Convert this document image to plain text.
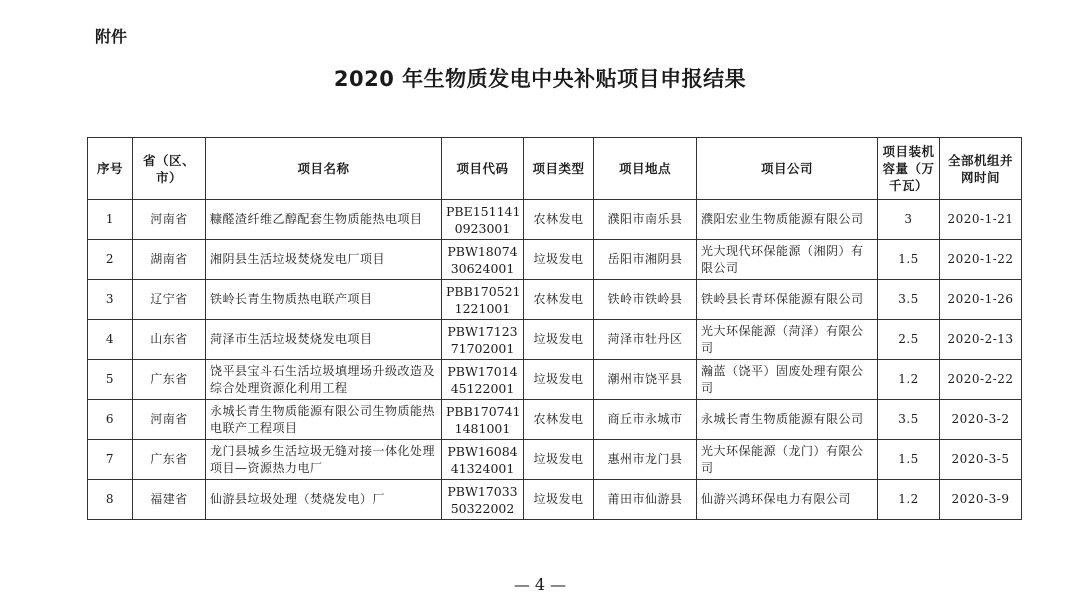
附件
2020 年生物质发电中央补贴项目申报结果
序号	省（区、市）	项目名称	项目代码	项目类型	项目地点	项目公司	项目装机容量（万千瓦）	全部机组并网时间
1	河南省	糠醛渣纤维乙醇配套生物质能热电项目	PBE151141 0923001	农林发电	濮阳市南乐县	濮阳宏业生物质能源有限公司	3	2020-1-21
2	湖南省	湘阴县生活垃圾焚烧发电厂项目	PBW18074 30624001	垃圾发电	岳阳市湘阴县	光大现代环保能源（湘阴）有限公司	1.5	2020-1-22
3	辽宁省	铁岭长青生物质热电联产项目	PBB170521 1221001	农林发电	铁岭市铁岭县	铁岭县长青环保能源有限公司	3.5	2020-1-26
4	山东省	菏泽市生活垃圾焚烧发电项目	PBW17123 71702001	垃圾发电	菏泽市牡丹区	光大环保能源（菏泽）有限公司	2.5	2020-2-13
5	广东省	饶平县宝斗石生活垃圾填埋场升级改造及综合处理资源化利用工程	PBW17014 45122001	垃圾发电	潮州市饶平县	瀚蓝（饶平）固废处理有限公司	1.2	2020-2-22
6	河南省	永城长青生物质能源有限公司生物质能热电联产工程项目	PBB170741 1481001	农林发电	商丘市永城市	永城长青生物质能源有限公司	3.5	2020-3-2
7	广东省	龙门县城乡生活垃圾无缝对接一体化处理项目—资源热力电厂	PBW16084 41324001	垃圾发电	惠州市龙门县	光大环保能源（龙门）有限公司	1.5	2020-3-5
8	福建省	仙游县垃圾处理（焚烧发电）厂	PBW17033 50322002	垃圾发电	莆田市仙游县	仙游兴鸿环保电力有限公司	1.2	2020-3-9
— 4 —
